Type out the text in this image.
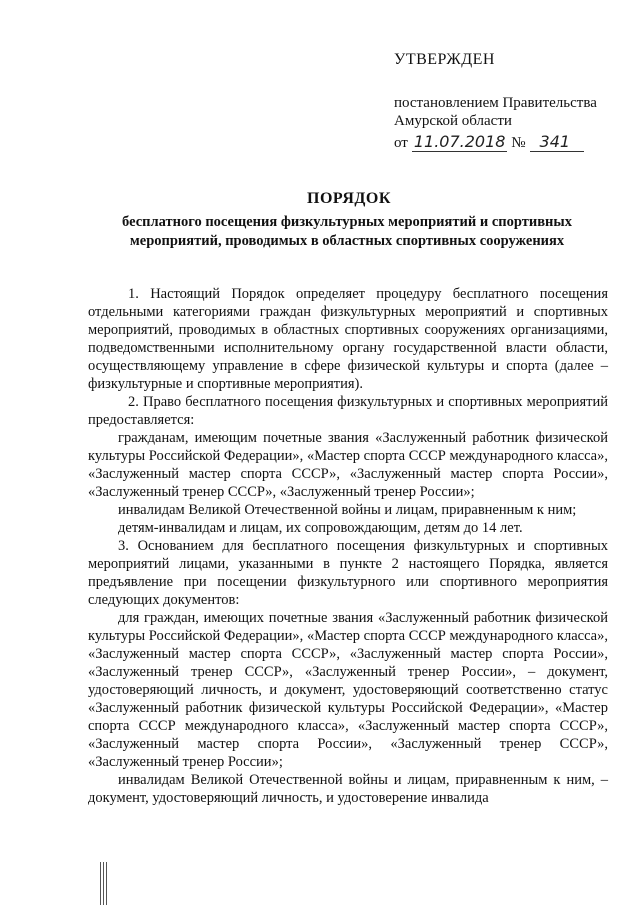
УТВЕРЖДЕН
постановлением Правительства
Амурской области
от 11.07.2018 № 341
ПОРЯДОК
бесплатного посещения физкультурных мероприятий и спортивных
мероприятий, проводимых в областных спортивных сооружениях

1. Настоящий Порядок определяет процедуру бесплатного посещения отдельными категориями граждан физкультурных мероприятий и спортивных мероприятий, проводимых в областных спортивных сооружениях организациями, подведомственными исполнительному органу государственной власти области, осуществляющему управление в сфере физической культуры и спорта (далее – физкультурные и спортивные мероприятия).

2. Право бесплатного посещения физкультурных и спортивных мероприятий предоставляется:

гражданам, имеющим почетные звания «Заслуженный работник физической культуры Российской Федерации», «Мастер спорта СССР международного класса», «Заслуженный мастер спорта СССР», «Заслуженный мастер спорта России», «Заслуженный тренер СССР», «Заслуженный тренер России»;

инвалидам Великой Отечественной войны и лицам, приравненным к ним;

детям-инвалидам и лицам, их сопровождающим, детям до 14 лет.

3. Основанием для бесплатного посещения физкультурных и спортивных мероприятий лицами, указанными в пункте 2 настоящего Порядка, является предъявление при посещении физкультурного или спортивного мероприятия следующих документов:

для граждан, имеющих почетные звания «Заслуженный работник физической культуры Российской Федерации», «Мастер спорта СССР международного класса», «Заслуженный мастер спорта СССР», «Заслуженный мастер спорта России», «Заслуженный тренер СССР», «Заслуженный тренер России», – документ, удостоверяющий личность, и документ, удостоверяющий соответственно статус «Заслуженный работник физической культуры Российской Федерации», «Мастер спорта СССР международного класса», «Заслуженный мастер спорта СССР», «Заслуженный мастер спорта России», «Заслуженный тренер СССР», «Заслуженный тренер России»;

инвалидам Великой Отечественной войны и лицам, приравненным к ним, – документ, удостоверяющий личность, и удостоверение инвалида
